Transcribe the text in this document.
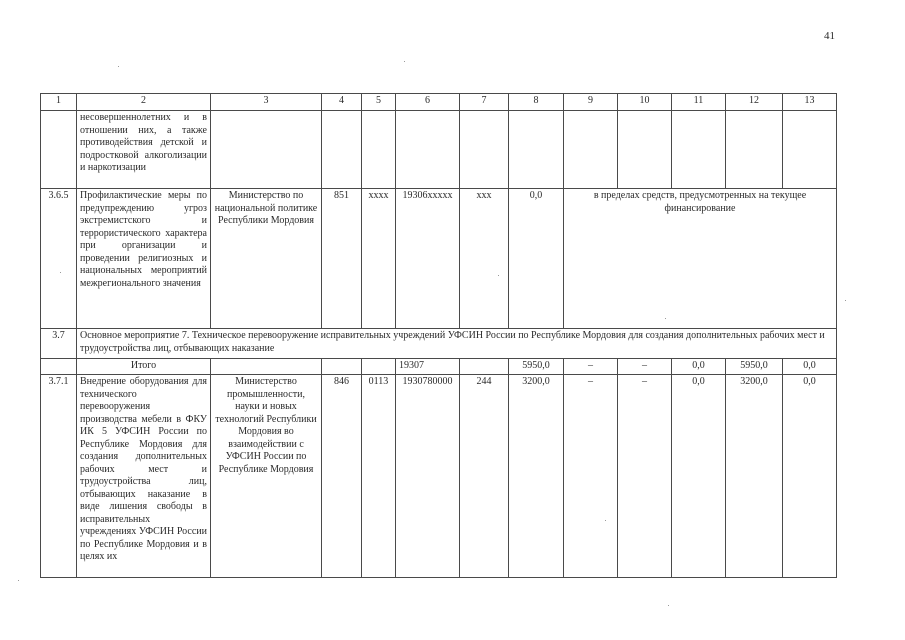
41
1	2	3	4	5	6	7	8	9	10	11	12	13
	несовершеннолетних и в отношении них, а также противодействия детской и подростковой алкоголизации и наркотизации											
3.6.5	Профилактические меры по предупреждению угроз экстремистского и террористического характера при организации и проведении религиозных и национальных мероприятий межрегионального значения	Министерство по национальной политике Республики Мордовия	851	хххх	19306ххххх	ххх	0,0	в пределах средств, предусмотренных на текущее финансирование				
3.7	Основное мероприятие 7. Техническое перевооружение исправительных учреждений УФСИН России по Республике Мордовия для создания дополнительных рабочих мест и трудоустройства лиц, отбывающих наказание											
	Итого				19307		5950,0	–	–	0,0	5950,0	0,0
3.7.1	Внедрение оборудования для технического перевооружения производства мебели в ФКУ ИК 5 УФСИН России по Республике Мордовия для создания дополнительных рабочих мест и трудоустройства лиц, отбывающих наказание в виде лишения свободы в исправительных учреждениях УФСИН России по Республике Мордовия и в целях их	Министерство промышленности, науки и новых технологий Республики Мордовия во взаимодействии с УФСИН России по Республике Мордовия	846	0113	1930780000	244	3200,0	–	–	0,0	3200,0	0,0
